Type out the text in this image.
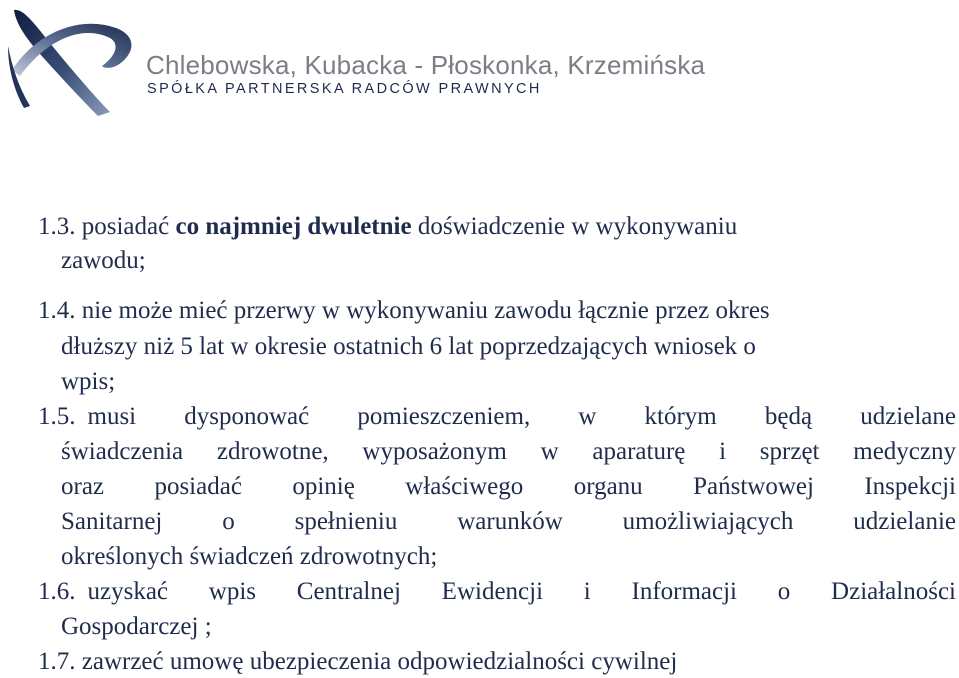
Chlebowska, Kubacka - Płoskonka, Krzemińska
SPÓŁKA PARTNERSKA RADCÓW PRAWNYCH
1.3. posiadać co najmniej dwuletnie doświadczenie w wykonywaniu
zawodu;
1.4. nie może mieć przerwy w wykonywaniu zawodu łącznie przez okres
dłuższy niż 5 lat w okresie ostatnich 6 lat poprzedzających wniosek o
wpis;
1.5. musi dysponować pomieszczeniem, w którym będą udzielane
świadczenia zdrowotne, wyposażonym w aparaturę i sprzęt medyczny
oraz posiadać opinię właściwego organu Państwowej Inspekcji
Sanitarnej o spełnieniu warunków umożliwiających udzielanie
określonych świadczeń zdrowotnych;
1.6. uzyskać wpis Centralnej Ewidencji i Informacji o Działalności
Gospodarczej ;
1.7. zawrzeć umowę ubezpieczenia odpowiedzialności cywilnej
